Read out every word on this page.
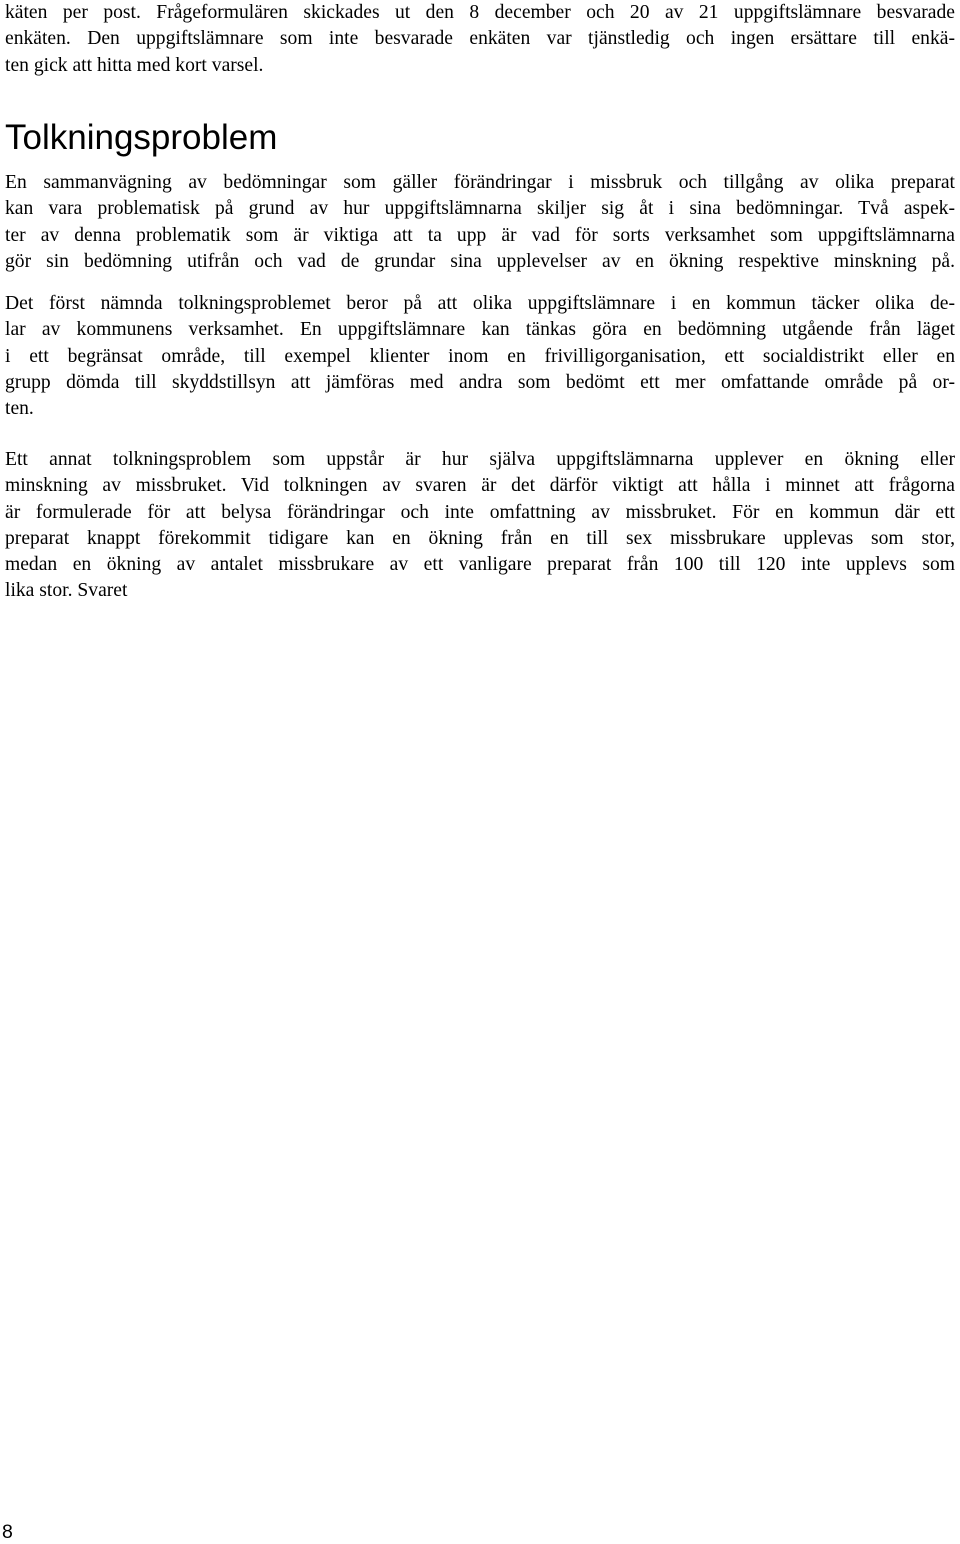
käten per post. Frågeformulären skickades ut den 8 december och 20 av 21 uppgiftslämnare besvarade
enkäten. Den uppgiftslämnare som inte besvarade enkäten var tjänstledig och ingen ersättare till enkä-
ten gick att hitta med kort varsel.
Tolkningsproblem
En sammanvägning av bedömningar som gäller förändringar i missbruk och tillgång av olika preparat
kan vara problematisk på grund av hur uppgiftslämnarna skiljer sig åt i sina bedömningar. Två aspek-
ter av denna problematik som är viktiga att ta upp är vad för sorts verksamhet som uppgiftslämnarna
gör sin bedömning utifrån och vad de grundar sina upplevelser av en ökning respektive minskning på.
Det först nämnda tolkningsproblemet beror på att olika uppgiftslämnare i en kommun täcker olika de-
lar av kommunens verksamhet. En uppgiftslämnare kan tänkas göra en bedömning utgående från läget
i ett begränsat område, till exempel klienter inom en frivilligorganisation, ett socialdistrikt eller en
grupp dömda till skyddstillsyn att jämföras med andra som bedömt ett mer omfattande område på or-
ten.
Ett annat tolkningsproblem som uppstår är hur själva uppgiftslämnarna upplever en ökning eller
minskning av missbruket. Vid tolkningen av svaren är det därför viktigt att hålla i minnet att frågorna
är formulerade för att belysa förändringar och inte omfattning av missbruket. För en kommun där ett
preparat knappt förekommit tidigare kan en ökning från en till sex missbrukare upplevas som stor,
medan en ökning av antalet missbrukare av ett vanligare preparat från 100 till 120 inte upplevs som
lika stor. Svaret

8
